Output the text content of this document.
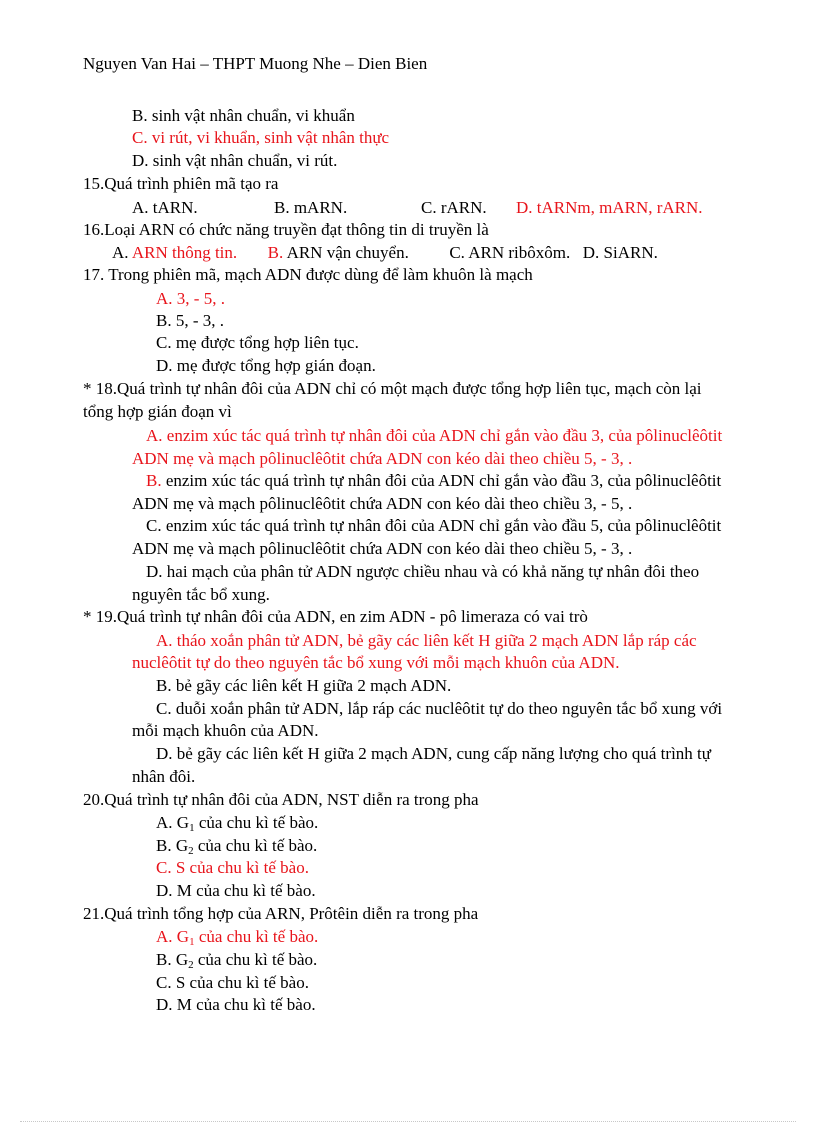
Nguyen Van Hai – THPT Muong Nhe – Dien Bien
B. sinh vật nhân chuẩn, vi khuẩn
C. vi rút, vi khuẩn, sinh vật nhân thực
D. sinh vật nhân chuẩn, vi rút.
15.Quá trình phiên mã tạo ra
A. tARN.	B. mARN.	C. rARN. D. tARNm, mARN, rARN.
16.Loại ARN có chức năng truyền đạt thông tin di truyền là
A. ARN thông tin. B. ARN vận chuyển. C. ARN ribôxôm. D. SiARN.
17. Trong phiên mã, mạch ADN được dùng để làm khuôn là mạch
A. 3, - 5, .
B. 5, - 3, .
C. mẹ được tổng hợp liên tục.
D. mẹ được tổng hợp gián đoạn.
* 18.Quá trình tự nhân đôi của ADN chỉ có một mạch được tổng hợp liên tục, mạch còn lại
tổng hợp gián đoạn vì
A. enzim xúc tác quá trình tự nhân đôi của ADN chỉ gắn vào đầu 3, của pôlinuclêôtit
ADN mẹ và mạch pôlinuclêôtit chứa ADN con kéo dài theo chiều 5, - 3, .
B. enzim xúc tác quá trình tự nhân đôi của ADN chỉ gắn vào đầu 3, của pôlinuclêôtit
ADN mẹ và mạch pôlinuclêôtit chứa ADN con kéo dài theo chiều 3, - 5, .
C. enzim xúc tác quá trình tự nhân đôi của ADN chỉ gắn vào đầu 5, của pôlinuclêôtit
ADN mẹ và mạch pôlinuclêôtit chứa ADN con kéo dài theo chiều 5, - 3, .
D. hai mạch của phân tử ADN ngược chiều nhau và có khả năng tự nhân đôi theo
nguyên tắc bổ xung.
* 19.Quá trình tự nhân đôi của ADN, en zim ADN - pô limeraza có vai trò
A. tháo xoắn phân tử ADN, bẻ gãy các liên kết H giữa 2 mạch ADN lắp ráp các
nuclêôtit tự do theo nguyên tắc bổ xung với mỗi mạch khuôn của ADN.
B. bẻ gãy các liên kết H giữa 2 mạch ADN.
C. duỗi xoắn phân tử ADN, lắp ráp các nuclêôtit tự do theo nguyên tắc bổ xung với
mỗi mạch khuôn của ADN.
D. bẻ gãy các liên kết H giữa 2 mạch ADN, cung cấp năng lượng cho quá trình tự
nhân đôi.
20.Quá trình tự nhân đôi của ADN, NST diễn ra trong pha
A. $G_1$ của chu kì tế bào.
B. $G_2$ của chu kì tế bào.
C. S của chu kì tế bào.
D. M của chu kì tế bào.
21.Quá trình tổng hợp của ARN, Prôtêin diễn ra trong pha
A. $G_1$ của chu kì tế bào.
B. $G_2$ của chu kì tế bào.
C. S của chu kì tế bào.
D. M của chu kì tế bào.
